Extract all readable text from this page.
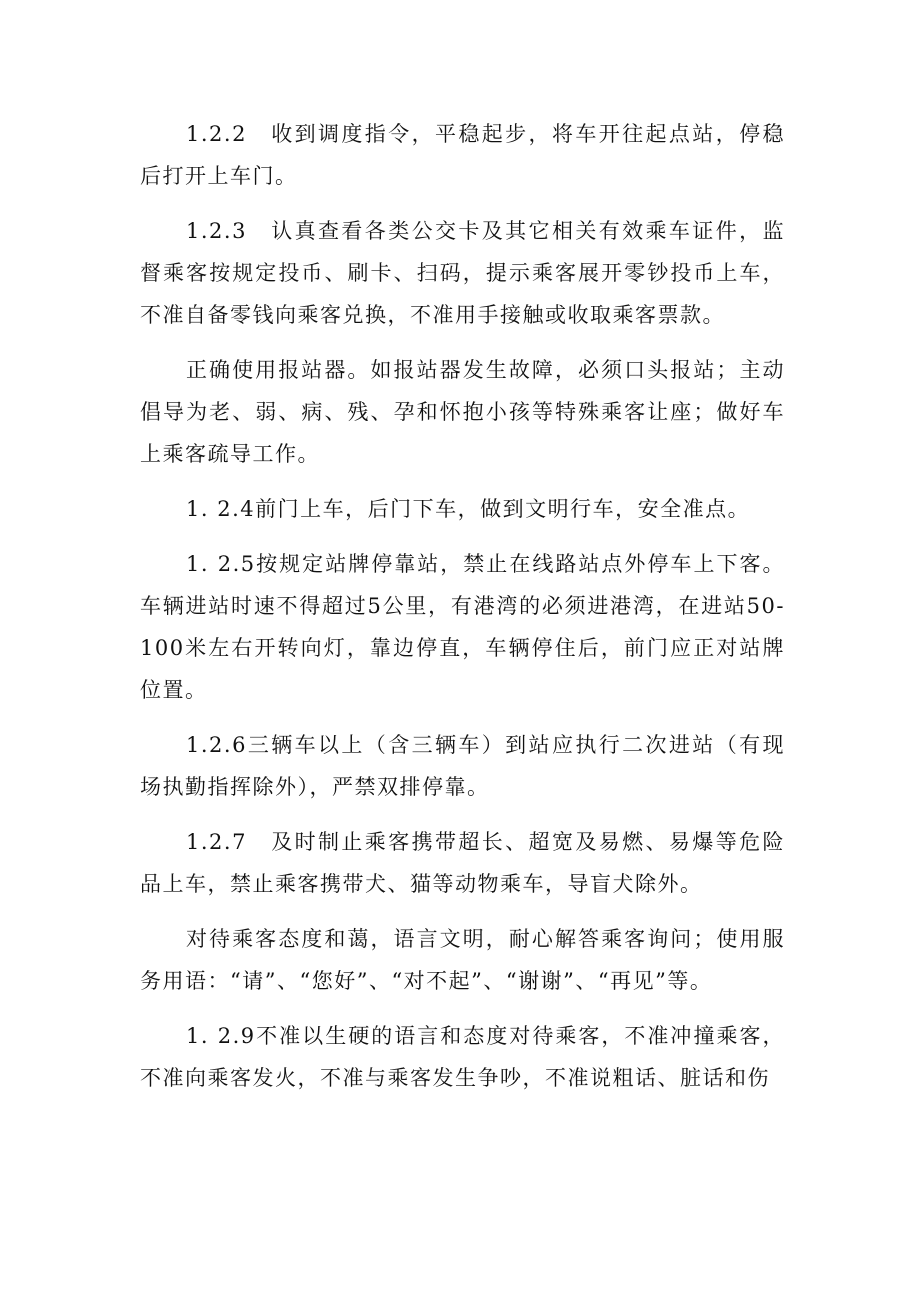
1.2.2　收到调度指令，平稳起步，将车开往起点站，停稳后打开上车门。

1.2.3　认真查看各类公交卡及其它相关有效乘车证件，监督乘客按规定投币、刷卡、扫码，提示乘客展开零钞投币上车，不准自备零钱向乘客兑换，不准用手接触或收取乘客票款。

正确使用报站器。如报站器发生故障，必须口头报站；主动倡导为老、弱、病、残、孕和怀抱小孩等特殊乘客让座；做好车上乘客疏导工作。

1. 2.4前门上车，后门下车，做到文明行车，安全准点。

1. 2.5按规定站牌停靠站，禁止在线路站点外停车上下客。车辆进站时速不得超过5公里，有港湾的必须进港湾，在进站50-100米左右开转向灯，靠边停直，车辆停住后，前门应正对站牌位置。

1.2.6三辆车以上（含三辆车）到站应执行二次进站（有现场执勤指挥除外），严禁双排停靠。

1.2.7　及时制止乘客携带超长、超宽及易燃、易爆等危险品上车，禁止乘客携带犬、猫等动物乘车，导盲犬除外。

对待乘客态度和蔼，语言文明，耐心解答乘客询问；使用服务用语：“请”、“您好”、“对不起”、“谢谢”、“再见”等。

1. 2.9不准以生硬的语言和态度对待乘客，不准冲撞乘客，不准向乘客发火，不准与乘客发生争吵，不准说粗话、脏话和伤
